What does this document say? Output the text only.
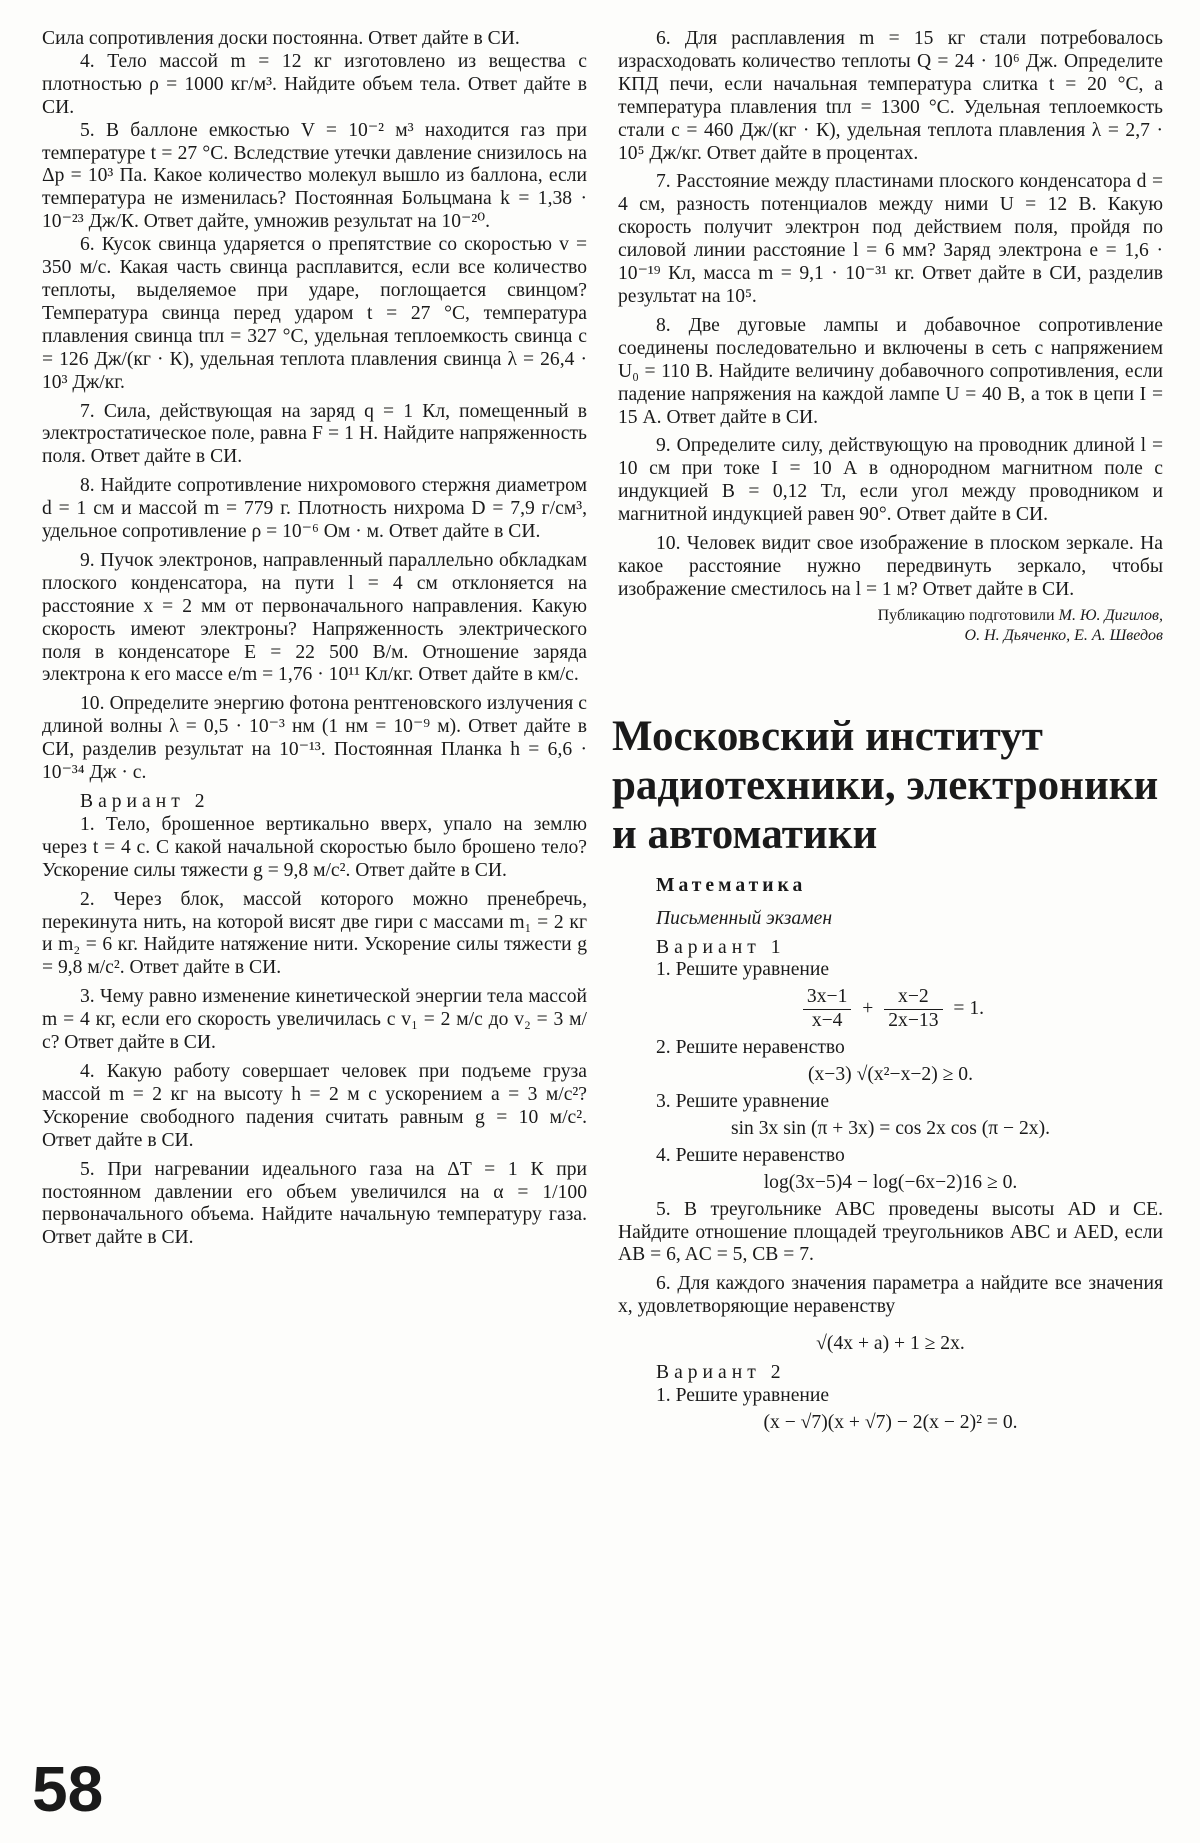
Сила сопротивления доски постоянна. Ответ дайте в СИ.

4. Тело массой m = 12 кг изготовлено из вещества с плотностью ρ = 1000 кг/м³. Найдите объем тела. Ответ дайте в СИ.

5. В баллоне емкостью V = 10⁻² м³ находится газ при температуре t = 27 °С. Вследствие утечки давление снизилось на Δp = 10³ Па. Какое количество молекул вышло из баллона, если температура не изменилась? Постоянная Больцмана k = 1,38 · 10⁻²³ Дж/К. Ответ дайте, умножив результат на 10⁻²⁰.

6. Кусок свинца ударяется о препятствие со скоростью v = 350 м/с. Какая часть свинца расплавится, если все количество теплоты, выделяемое при ударе, поглощается свинцом? Температура свинца перед ударом t = 27 °С, температура плавления свинца tпл = 327 °С, удельная теплоемкость свинца c = 126 Дж/(кг · К), удельная теплота плавления свинца λ = 26,4 · 10³ Дж/кг.

7. Сила, действующая на заряд q = 1 Кл, помещенный в электростатическое поле, равна F = 1 Н. Найдите напряженность поля. Ответ дайте в СИ.

8. Найдите сопротивление нихромового стержня диаметром d = 1 см и массой m = 779 г. Плотность нихрома D = 7,9 г/см³, удельное сопротивление ρ = 10⁻⁶ Ом · м. Ответ дайте в СИ.

9. Пучок электронов, направленный параллельно обкладкам плоского конденсатора, на пути l = 4 см отклоняется на расстояние x = 2 мм от первоначального направления. Какую скорость имеют электроны? Напряженность электрического поля в конденсаторе E = 22 500 В/м. Отношение заряда электрона к его массе e/m = 1,76 · 10¹¹ Кл/кг. Ответ дайте в км/с.

10. Определите энергию фотона рентгеновского излучения с длиной волны λ = 0,5 · 10⁻³ нм (1 нм = 10⁻⁹ м). Ответ дайте в СИ, разделив результат на 10⁻¹³. Постоянная Планка h = 6,6 · 10⁻³⁴ Дж · с.

Вариант 2

1. Тело, брошенное вертикально вверх, упало на землю через t = 4 с. С какой начальной скоростью было брошено тело? Ускорение силы тяжести g = 9,8 м/с². Ответ дайте в СИ.

2. Через блок, массой которого можно пренебречь, перекинута нить, на которой висят две гири с массами m₁ = 2 кг и m₂ = 6 кг. Найдите натяжение нити. Ускорение силы тяжести g = 9,8 м/с². Ответ дайте в СИ.

3. Чему равно изменение кинетической энергии тела массой m = 4 кг, если его скорость увеличилась с v₁ = 2 м/с до v₂ = 3 м/с? Ответ дайте в СИ.

4. Какую работу совершает человек при подъеме груза массой m = 2 кг на высоту h = 2 м с ускорением a = 3 м/с²? Ускорение свободного падения считать равным g = 10 м/с². Ответ дайте в СИ.

5. При нагревании идеального газа на ΔT = 1 К при постоянном давлении его объем увеличился на α = 1/100 первоначального объема. Найдите начальную температуру газа. Ответ дайте в СИ.

6. Для расплавления m = 15 кг стали потребовалось израсходовать количество теплоты Q = 24 · 10⁶ Дж. Определите КПД печи, если начальная температура слитка t = 20 °С, а температура плавления tпл = 1300 °С. Удельная теплоемкость стали c = 460 Дж/(кг · К), удельная теплота плавления λ = 2,7 · 10⁵ Дж/кг. Ответ дайте в процентах.

7. Расстояние между пластинами плоского конденсатора d = 4 см, разность потенциалов между ними U = 12 В. Какую скорость получит электрон под действием поля, пройдя по силовой линии расстояние l = 6 мм? Заряд электрона e = 1,6 · 10⁻¹⁹ Кл, масса m = 9,1 · 10⁻³¹ кг. Ответ дайте в СИ, разделив результат на 10⁵.

8. Две дуговые лампы и добавочное сопротивление соединены последовательно и включены в сеть с напряжением U₀ = 110 В. Найдите величину добавочного сопротивления, если падение напряжения на каждой лампе U = 40 В, а ток в цепи I = 15 А. Ответ дайте в СИ.

9. Определите силу, действующую на проводник длиной l = 10 см при токе I = 10 А в однородном магнитном поле с индукцией B = 0,12 Тл, если угол между проводником и магнитной индукцией равен 90°. Ответ дайте в СИ.

10. Человек видит свое изображение в плоском зеркале. На какое расстояние нужно передвинуть зеркало, чтобы изображение сместилось на l = 1 м? Ответ дайте в СИ.

Публикацию подготовили М. Ю. Дигилов,
О. Н. Дьяченко, Е. А. Шведов

Московский институт радиотехники, электроники и автоматики

Математика

Письменный экзамен

Вариант 1

1. Решите уравнение

$\frac{3x-1}{x-4} + \frac{x-2}{2x-13} = 1$.

2. Решите неравенство

(x−3) √(x²−x−2) ≥ 0.

3. Решите уравнение

sin 3x sin (π + 3x) = cos 2x cos (π − 2x).

4. Решите неравенство

log(3x−5)4 − log(−6x−2)16 ≥ 0.

5. В треугольнике ABC проведены высоты AD и CE. Найдите отношение площадей треугольников ABC и AED, если AB = 6, AC = 5, CB = 7.

6. Для каждого значения параметра a найдите все значения x, удовлетворяющие неравенству

√(4x + a) + 1 ≥ 2x.

Вариант 2

1. Решите уравнение

(x − √7)(x + √7) − 2(x − 2)² = 0.

58
